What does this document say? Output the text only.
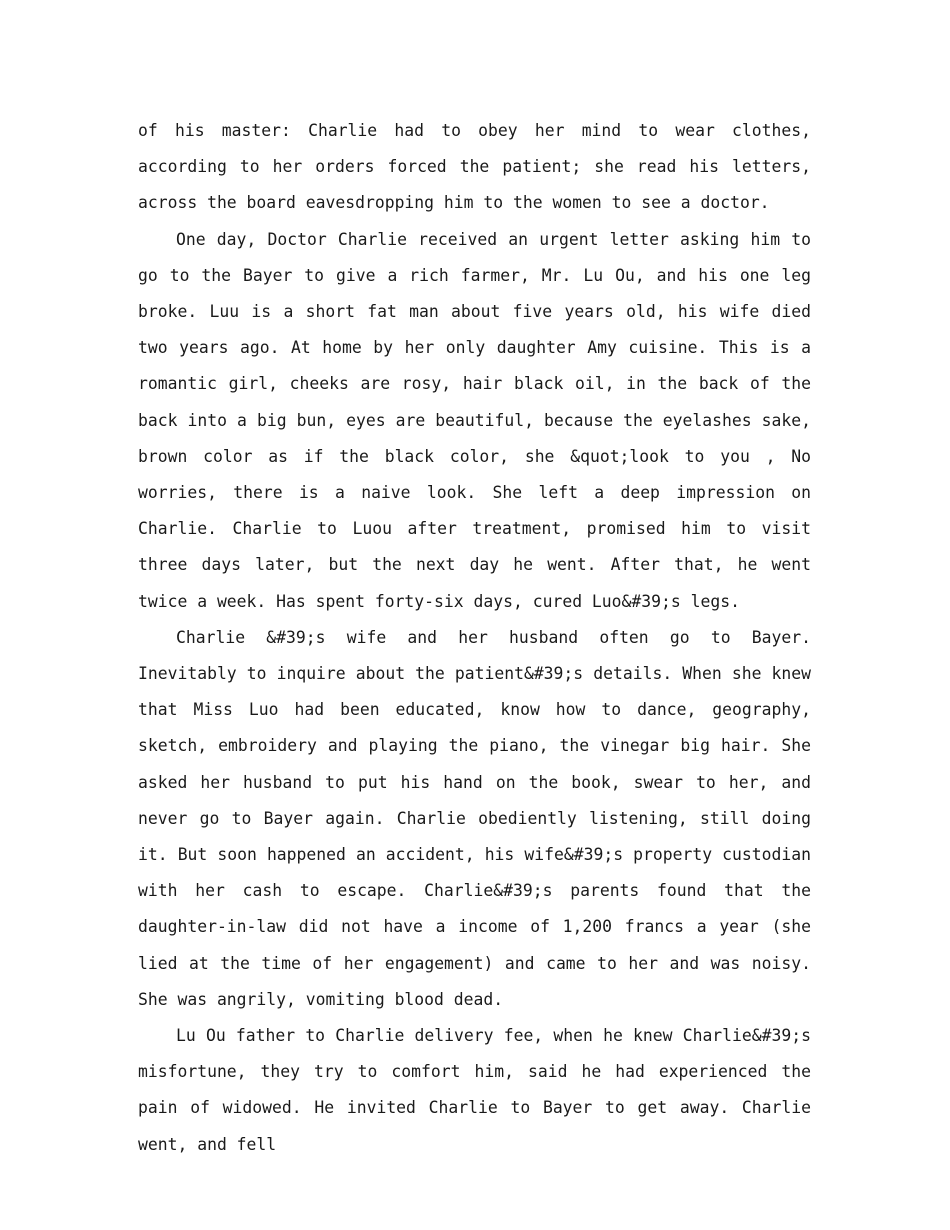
of his master: Charlie had to obey her mind to wear clothes, according to her orders forced the patient; she read his letters, across the board eavesdropping him to the women to see a doctor.

One day, Doctor Charlie received an urgent letter asking him to go to the Bayer to give a rich farmer, Mr. Lu Ou, and his one leg broke. Luu is a short fat man about five years old, his wife died two years ago. At home by her only daughter Amy cuisine. This is a romantic girl, cheeks are rosy, hair black oil, in the back of the back into a big bun, eyes are beautiful, because the eyelashes sake, brown color as if the black color, she &quot;look to you , No worries, there is a naive look. She left a deep impression on Charlie. Charlie to Luou after treatment, promised him to visit three days later, but the next day he went. After that, he went twice a week. Has spent forty-six days, cured Luo&#39;s legs.

Charlie &#39;s wife and her husband often go to Bayer. Inevitably to inquire about the patient&#39;s details. When she knew that Miss Luo had been educated, know how to dance, geography, sketch, embroidery and playing the piano, the vinegar big hair. She asked her husband to put his hand on the book, swear to her, and never go to Bayer again. Charlie obediently listening, still doing it. But soon happened an accident, his wife&#39;s property custodian with her cash to escape. Charlie&#39;s parents found that the daughter-in-law did not have a income of 1,200 francs a year (she lied at the time of her engagement) and came to her and was noisy. She was angrily, vomiting blood dead.

Lu Ou father to Charlie delivery fee, when he knew Charlie&#39;s misfortune, they try to comfort him, said he had experienced the pain of widowed. He invited Charlie to Bayer to get away. Charlie went, and fell
